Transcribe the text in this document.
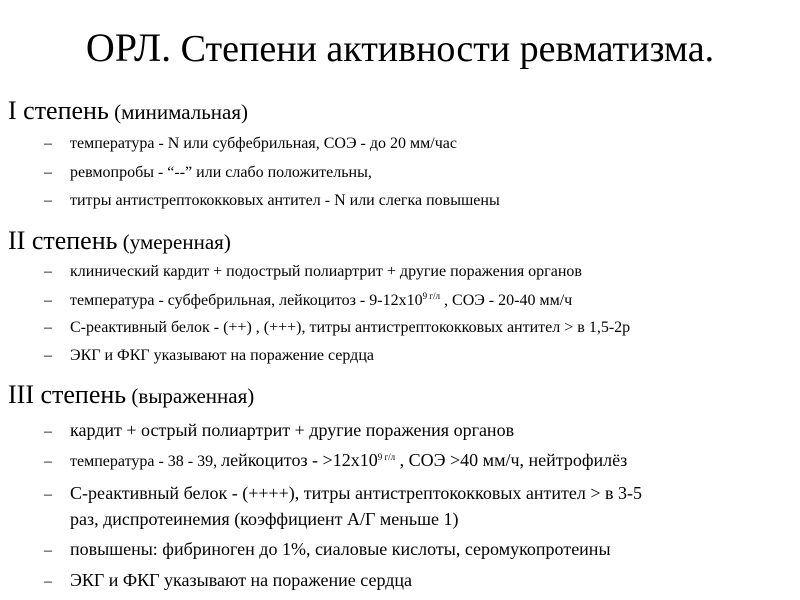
ОРЛ. Степени активности ревматизма.
I степень (минимальная)
– температура - N или субфебрильная, СОЭ - до 20 мм/час
– ревмопробы - “--” или слабо положительны,
– титры антистрептококковых антител - N или слегка повышены
II степень (умеренная)
– клинический кардит + подострый полиартрит + другие поражения органов
– температура - субфебрильная, лейкоцитоз - $9-12x10^{9 г/л}$ , СОЭ - 20-40 мм/ч
– С-реактивный белок - (++) , (+++), титры антистрептококковых антител > в 1,5-2р
– ЭКГ и ФКГ указывают на поражение сердца
III степень (выраженная)
– кардит + острый полиартрит + другие поражения органов
– температура - 38 - 39, лейкоцитоз - $>12x10^{9 г/л}$ , СОЭ >40 мм/ч, нейтрофилёз
– С-реактивный белок - (++++), титры антистрептококковых антител > в 3-5
раз, диспротеинемия (коэффициент А/Г меньше 1)
– повышены: фибриноген до 1%, сиаловые кислоты, серомукопротеины
– ЭКГ и ФКГ указывают на поражение сердца
